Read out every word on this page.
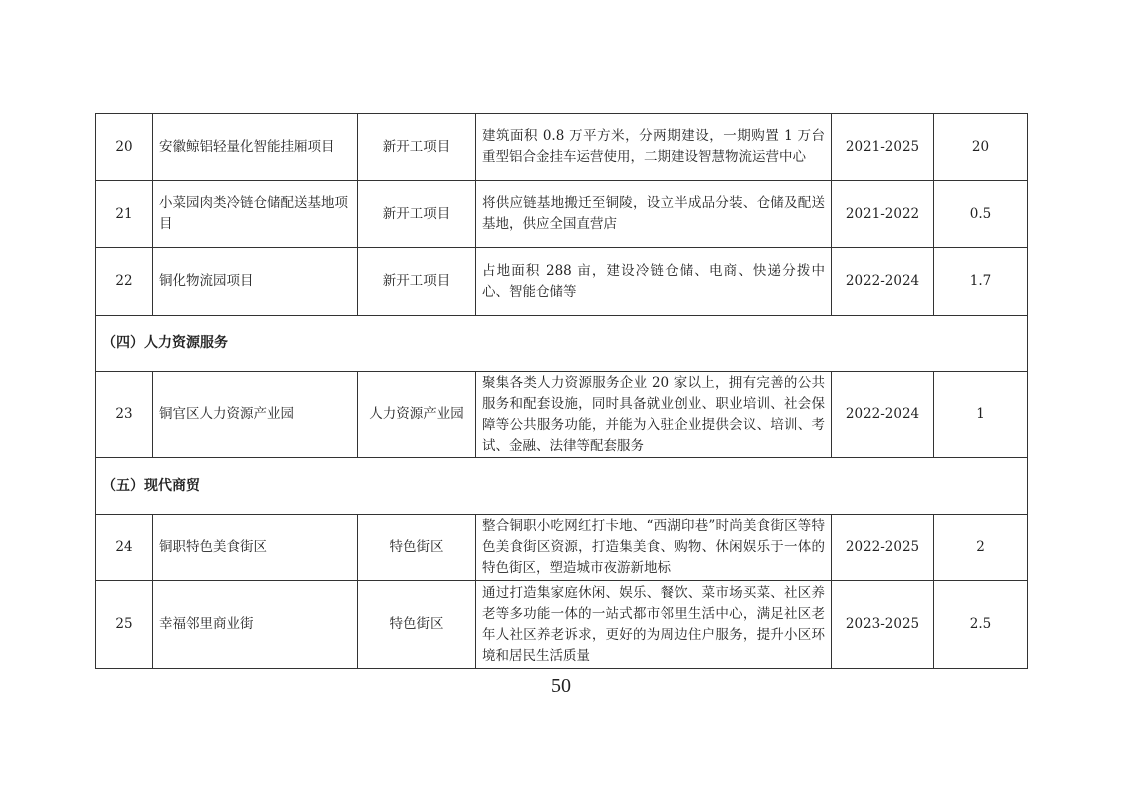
20	安徽鲸铝轻量化智能挂厢项目	新开工项目	建筑面积 0.8 万平方米，分两期建设，一期购置 1 万台重型铝合金挂车运营使用，二期建设智慧物流运营中心	2021-2025	20
21	小菜园肉类冷链仓储配送基地项目	新开工项目	将供应链基地搬迁至铜陵，设立半成品分装、仓储及配送基地，供应全国直营店	2021-2022	0.5
22	铜化物流园项目	新开工项目	占地面积 288 亩，建设冷链仓储、电商、快递分拨中心、智能仓储等	2022-2024	1.7
（四）人力资源服务					
23	铜官区人力资源产业园	人力资源产业园	聚集各类人力资源服务企业 20 家以上，拥有完善的公共服务和配套设施，同时具备就业创业、职业培训、社会保障等公共服务功能，并能为入驻企业提供会议、培训、考试、金融、法律等配套服务	2022-2024	1
（五）现代商贸					
24	铜职特色美食街区	特色街区	整合铜职小吃网红打卡地、“西湖印巷”时尚美食街区等特色美食街区资源，打造集美食、购物、休闲娱乐于一体的特色街区，塑造城市夜游新地标	2022-2025	2
25	幸福邻里商业街	特色街区	通过打造集家庭休闲、娱乐、餐饮、菜市场买菜、社区养老等多功能一体的一站式都市邻里生活中心，满足社区老年人社区养老诉求，更好的为周边住户服务，提升小区环境和居民生活质量	2023-2025	2.5
50
